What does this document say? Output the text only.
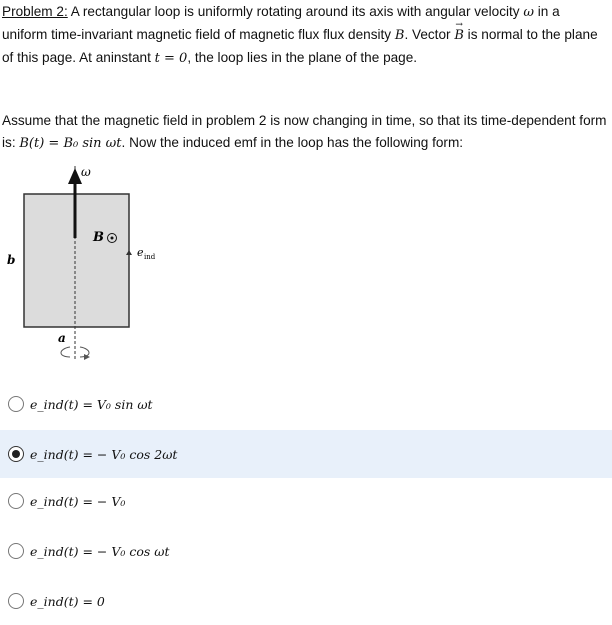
Problem 2: A rectangular loop is uniformly rotating around its axis with angular velocity ω in a uniform time-invariant magnetic field of magnetic flux flux density B. Vector → B is normal to the plane of this page. At aninstant t = 0, the loop lies in the plane of the page.
Assume that the magnetic field in problem 2 is now changing in time, so that its time-dependent form is: B(t) = B₀ sin ωt. Now the induced emf in the loop has the following form:
ω
B
e ind
b
a
e_ind(t) = V₀ sin ωt
e_ind(t) = − V₀ cos 2ωt
e_ind(t) = − V₀
e_ind(t) = − V₀ cos ωt
e_ind(t) = 0
